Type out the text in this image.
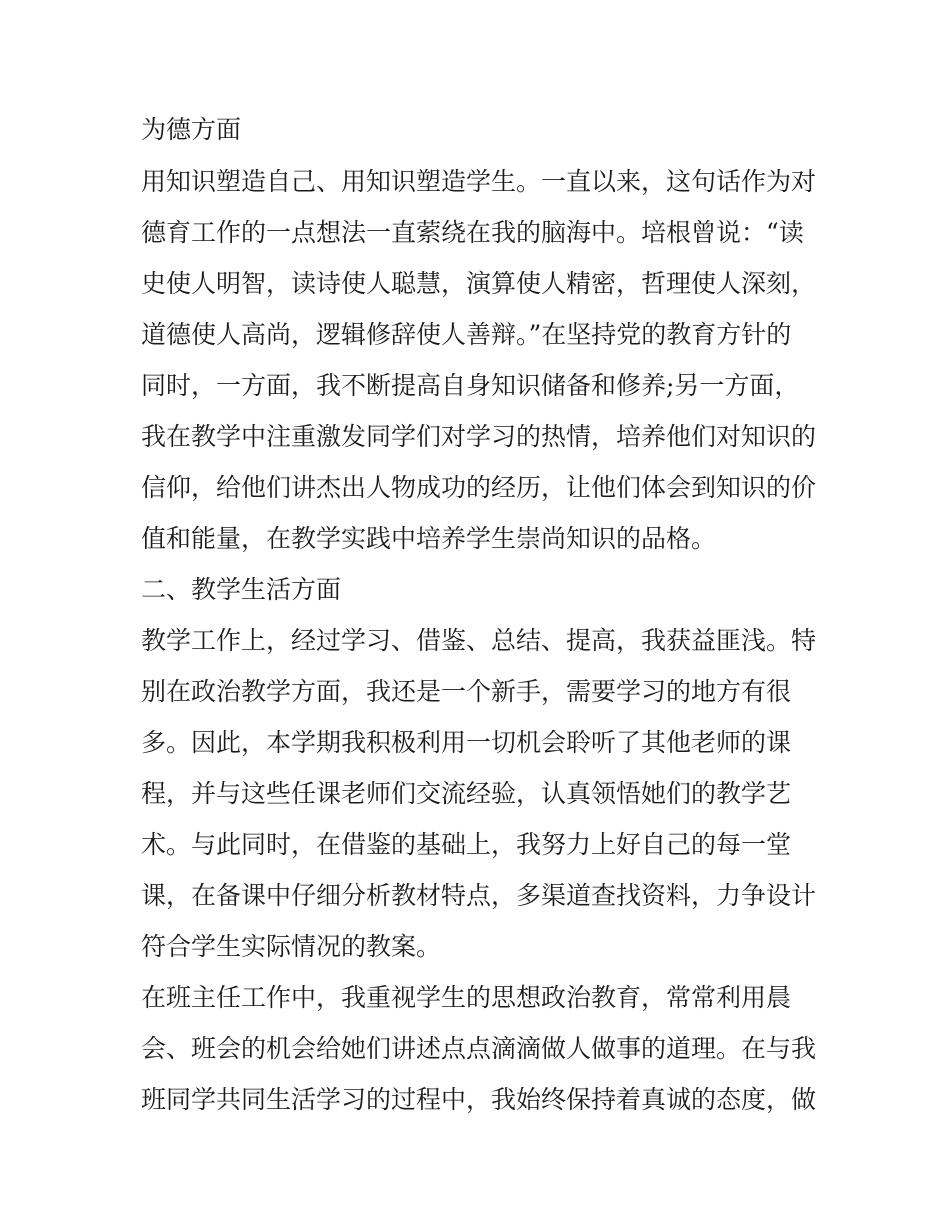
为德方面
用知识塑造自己、用知识塑造学生。一直以来，这句话作为对
德育工作的一点想法一直萦绕在我的脑海中。培根曾说：“读
史使人明智，读诗使人聪慧，演算使人精密，哲理使人深刻，
道德使人高尚，逻辑修辞使人善辩。”在坚持党的教育方针的
同时，一方面，我不断提高自身知识储备和修养;另一方面，
我在教学中注重激发同学们对学习的热情，培养他们对知识的
信仰，给他们讲杰出人物成功的经历，让他们体会到知识的价
值和能量，在教学实践中培养学生崇尚知识的品格。
二、教学生活方面
教学工作上，经过学习、借鉴、总结、提高，我获益匪浅。特
别在政治教学方面，我还是一个新手，需要学习的地方有很
多。因此，本学期我积极利用一切机会聆听了其他老师的课
程，并与这些任课老师们交流经验，认真领悟她们的教学艺
术。与此同时，在借鉴的基础上，我努力上好自己的每一堂
课，在备课中仔细分析教材特点，多渠道查找资料，力争设计
符合学生实际情况的教案。
在班主任工作中，我重视学生的思想政治教育，常常利用晨
会、班会的机会给她们讲述点点滴滴做人做事的道理。在与我
班同学共同生活学习的过程中，我始终保持着真诚的态度，做
